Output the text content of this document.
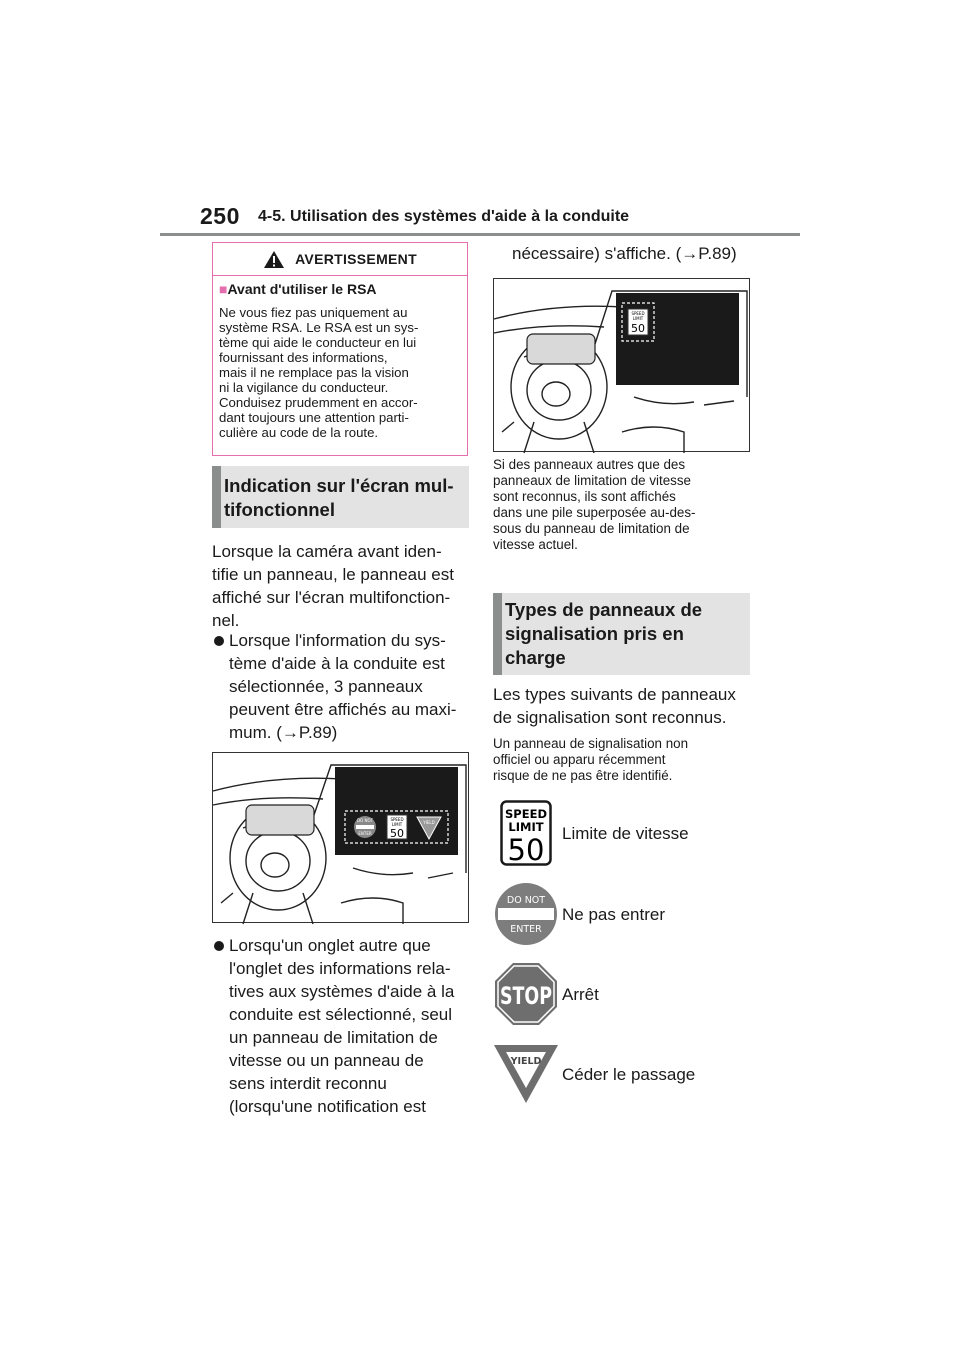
250 4-5. Utilisation des systèmes d'aide à la conduite
AVERTISSEMENT
■Avant d'utiliser le RSA
Ne vous fiez pas uniquement au
système RSA. Le RSA est un sys-
tème qui aide le conducteur en lui
fournissant des informations,
mais il ne remplace pas la vision
ni la vigilance du conducteur.
Conduisez prudemment en accor-
dant toujours une attention parti-
culière au code de la route.
Indication sur l'écran mul-
tifonctionnel
Lorsque la caméra avant iden-
tifie un panneau, le panneau est
affiché sur l'écran multifonction-
nel.
Lorsque l'information du sys-
tème d'aide à la conduite est
sélectionnée, 3 panneaux
peuvent être affichés au maxi-
mum. (→P.89)
DO NOT
ENTER
SPEED
LIMIT
50
YIELD
Lorsqu'un onglet autre que
l'onglet des informations rela-
tives aux systèmes d'aide à la
conduite est sélectionné, seul
un panneau de limitation de
vitesse ou un panneau de
sens interdit reconnu
(lorsqu'une notification est
nécessaire) s'affiche. (→P.89)
SPEED
LIMIT
50
Si des panneaux autres que des
panneaux de limitation de vitesse
sont reconnus, ils sont affichés
dans une pile superposée au-des-
sous du panneau de limitation de
vitesse actuel.
Types de panneaux de
signalisation pris en
charge
Les types suivants de panneaux
de signalisation sont reconnus.
Un panneau de signalisation non
officiel ou apparu récemment
risque de ne pas être identifié.
SPEED
LIMIT
50 Limite de vitesse
DO NOT
ENTER
Ne pas entrer
STOP Arrêt
YIELD
Céder le passage
